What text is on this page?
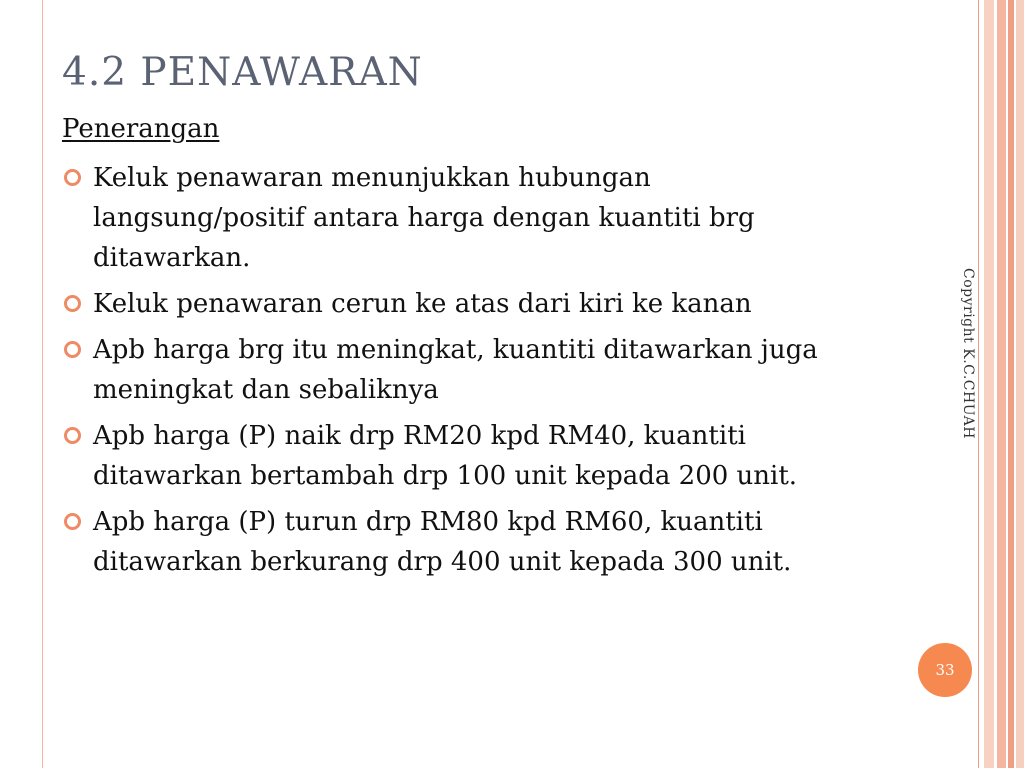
4.2 PENAWARAN
Penerangan
Keluk penawaran menunjukkan hubungan langsung/positif antara harga dengan kuantiti brg ditawarkan.
Keluk penawaran cerun ke atas dari kiri ke kanan
Apb harga brg itu meningkat, kuantiti ditawarkan juga meningkat dan sebaliknya
Apb harga (P) naik drp RM20 kpd RM40, kuantiti ditawarkan bertambah drp 100 unit kepada 200 unit.
Apb harga (P) turun drp RM80 kpd RM60, kuantiti ditawarkan berkurang drp 400 unit kepada 300 unit.
Copyright K.C.CHUAH
33
